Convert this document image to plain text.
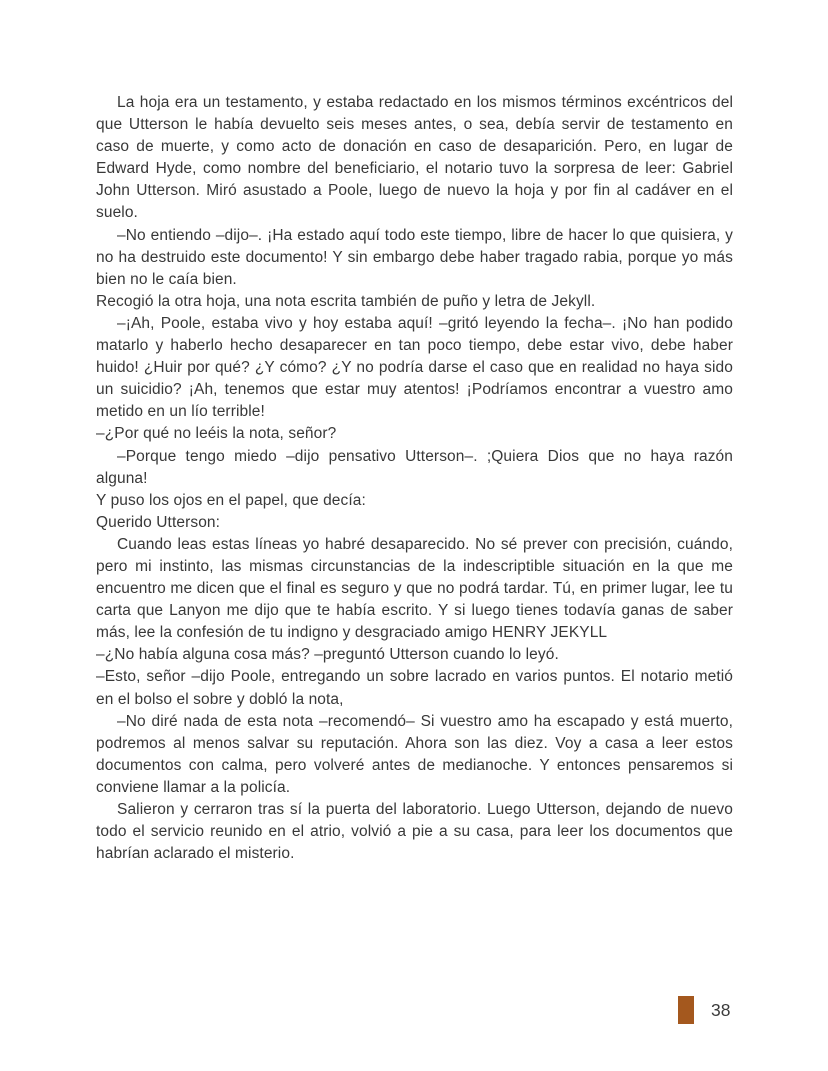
La hoja era un testamento, y estaba redactado en los mismos términos excéntricos del que Utterson le había devuelto seis meses antes, o sea, debía servir de testamento en caso de muerte, y como acto de donación en caso de desaparición. Pero, en lugar de Edward Hyde, como nombre del beneficiario, el notario tuvo la sorpresa de leer: Gabriel John Utterson. Miró asustado a Poole, luego de nuevo la hoja y por fin al cadáver en el suelo.

–No entiendo –dijo–. ¡Ha estado aquí todo este tiempo, libre de hacer lo que quisiera, y no ha destruido este documento! Y sin embargo debe haber tragado rabia, porque yo más bien no le caía bien.

Recogió la otra hoja, una nota escrita también de puño y letra de Jekyll.

–¡Ah, Poole, estaba vivo y hoy estaba aquí! –gritó leyendo la fecha–. ¡No han podido matarlo y haberlo hecho desaparecer en tan poco tiempo, debe estar vivo, debe haber huido! ¿Huir por qué? ¿Y cómo? ¿Y no podría darse el caso que en realidad no haya sido un suicidio? ¡Ah, tenemos que estar muy atentos! ¡Podríamos encontrar a vuestro amo metido en un lío terrible!

–¿Por qué no leéis la nota, señor?

–Porque tengo miedo –dijo pensativo Utterson–. ;Quiera Dios que no haya razón alguna!

Y puso los ojos en el papel, que decía:

Querido Utterson:

Cuando leas estas líneas yo habré desaparecido. No sé prever con precisión, cuándo, pero mi instinto, las mismas circunstancias de la indescriptible situación en la que me encuentro me dicen que el final es seguro y que no podrá tardar. Tú, en primer lugar, lee tu carta que Lanyon me dijo que te había escrito. Y si luego tienes todavía ganas de saber más, lee la confesión de tu indigno y desgraciado amigo HENRY JEKYLL

–¿No había alguna cosa más? –preguntó Utterson cuando lo leyó.

–Esto, señor –dijo Poole, entregando un sobre lacrado en varios puntos. El notario metió en el bolso el sobre y dobló la nota,

–No diré nada de esta nota –recomendó– Si vuestro amo ha escapado y está muerto, podremos al menos salvar su reputación. Ahora son las diez. Voy a casa a leer estos documentos con calma, pero volveré antes de medianoche. Y entonces pensaremos si conviene llamar a la policía.

Salieron y cerraron tras sí la puerta del laboratorio. Luego Utterson, dejando de nuevo todo el servicio reunido en el atrio, volvió a pie a su casa, para leer los documentos que habrían aclarado el misterio.

38
